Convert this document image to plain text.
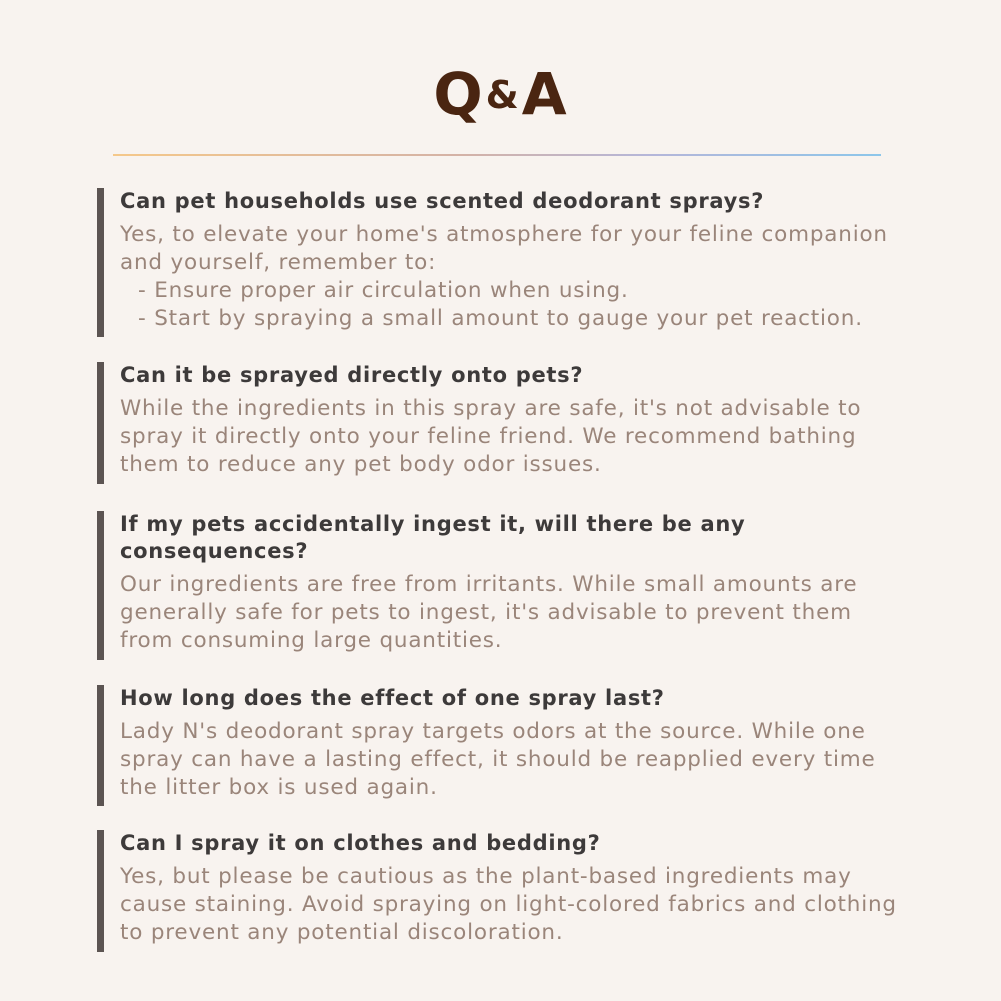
Q&A
Can pet households use scented deodorant sprays?
Yes, to elevate your home's atmosphere for your feline companion
and yourself, remember to:
- Ensure proper air circulation when using.
- Start by spraying a small amount to gauge your pet reaction.
Can it be sprayed directly onto pets?
While the ingredients in this spray are safe, it's not advisable to
spray it directly onto your feline friend. We recommend bathing
them to reduce any pet body odor issues.
If my pets accidentally ingest it, will there be any
consequences?
Our ingredients are free from irritants. While small amounts are
generally safe for pets to ingest, it's advisable to prevent them
from consuming large quantities.
How long does the effect of one spray last?
Lady N's deodorant spray targets odors at the source. While one
spray can have a lasting effect, it should be reapplied every time
the litter box is used again.
Can I spray it on clothes and bedding?
Yes, but please be cautious as the plant-based ingredients may
cause staining. Avoid spraying on light-colored fabrics and clothing
to prevent any potential discoloration.
